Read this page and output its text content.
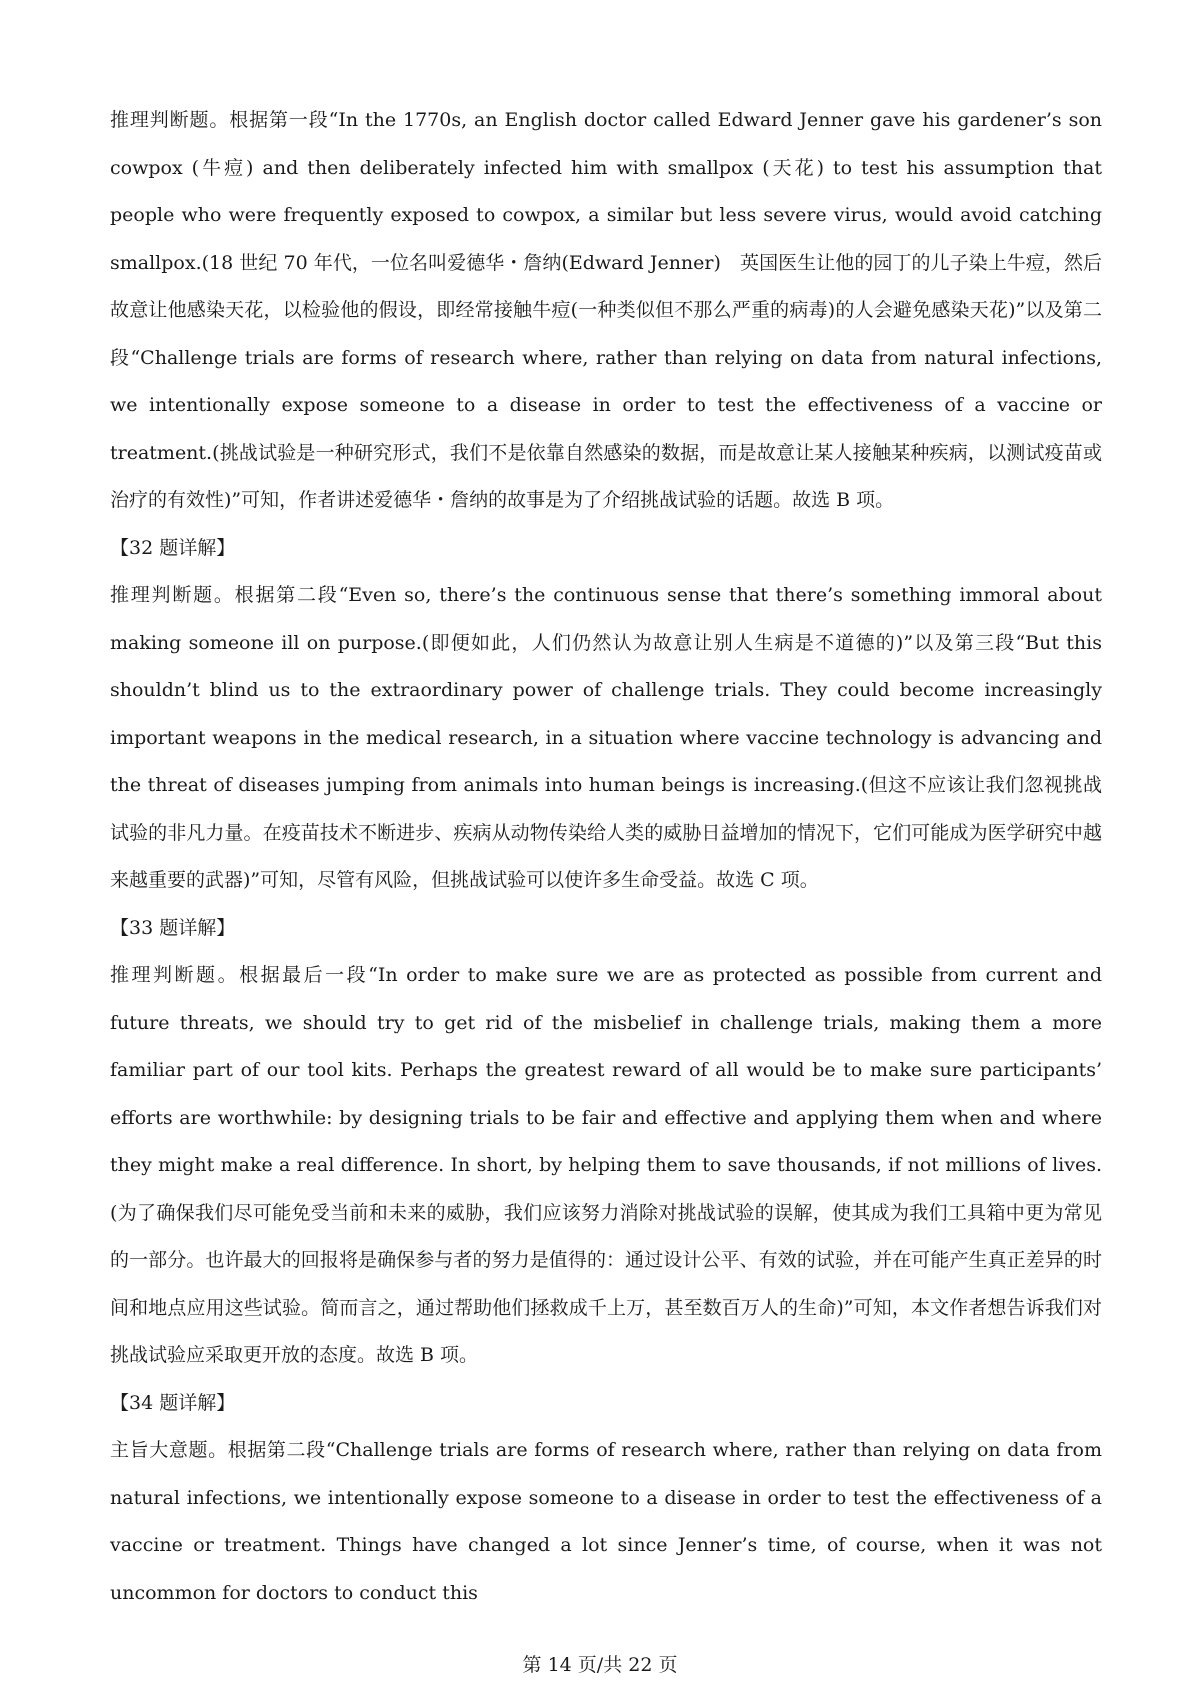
推理判断题。根据第一段“In the 1770s, an English doctor called Edward Jenner gave his gardener’s son cowpox (牛痘) and then deliberately infected him with smallpox (天花) to test his assumption that people who were frequently exposed to cowpox, a similar but less severe virus, would avoid catching smallpox.(18 世纪 70 年代，一位名叫爱德华・詹纳(Edward Jenner)　英国医生让他的园丁的儿子染上牛痘，然后故意让他感染天花，以检验他的假设，即经常接触牛痘(一种类似但不那么严重的病毒)的人会避免感染天花)”以及第二段“Challenge trials are forms of research where, rather than relying on data from natural infections, we intentionally expose someone to a disease in order to test the effectiveness of a vaccine or treatment.(挑战试验是一种研究形式，我们不是依靠自然感染的数据，而是故意让某人接触某种疾病，以测试疫苗或治疗的有效性)”可知，作者讲述爱德华・詹纳的故事是为了介绍挑战试验的话题。故选 B 项。

【32 题详解】

推理判断题。根据第二段“Even so, there’s the continuous sense that there’s something immoral about making someone ill on purpose.(即便如此，人们仍然认为故意让别人生病是不道德的)”以及第三段“But this shouldn’t blind us to the extraordinary power of challenge trials. They could become increasingly important weapons in the medical research, in a situation where vaccine technology is advancing and the threat of diseases jumping from animals into human beings is increasing.(但这不应该让我们忽视挑战试验的非凡力量。在疫苗技术不断进步、疾病从动物传染给人类的威胁日益增加的情况下，它们可能成为医学研究中越来越重要的武器)”可知，尽管有风险，但挑战试验可以使许多生命受益。故选 C 项。

【33 题详解】

推理判断题。根据最后一段“In order to make sure we are as protected as possible from current and future threats, we should try to get rid of the misbelief in challenge trials, making them a more familiar part of our tool kits. Perhaps the greatest reward of all would be to make sure participants’ efforts are worthwhile: by designing trials to be fair and effective and applying them when and where they might make a real difference. In short, by helping them to save thousands, if not millions of lives.(为了确保我们尽可能免受当前和未来的威胁，我们应该努力消除对挑战试验的误解，使其成为我们工具箱中更为常见的一部分。也许最大的回报将是确保参与者的努力是值得的：通过设计公平、有效的试验，并在可能产生真正差异的时间和地点应用这些试验。简而言之，通过帮助他们拯救成千上万，甚至数百万人的生命)”可知，本文作者想告诉我们对挑战试验应采取更开放的态度。故选 B 项。

【34 题详解】

主旨大意题。根据第二段“Challenge trials are forms of research where, rather than relying on data from natural infections, we intentionally expose someone to a disease in order to test the effectiveness of a vaccine or treatment. Things have changed a lot since Jenner’s time, of course, when it was not uncommon for doctors to conduct this

第 14 页/共 22 页
